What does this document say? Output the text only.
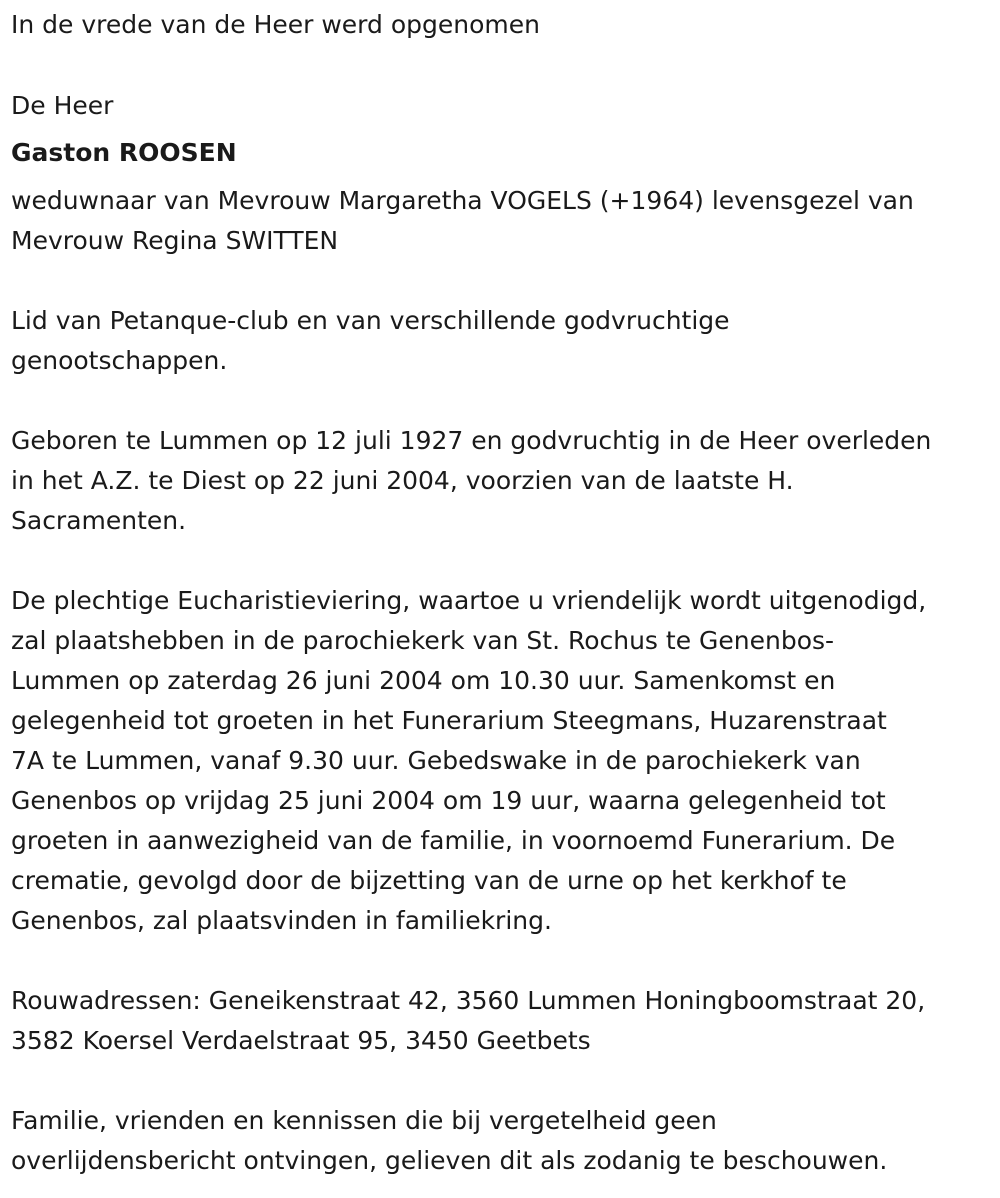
In de vrede van de Heer werd opgenomen
De Heer
Gaston ROOSEN
weduwnaar van Mevrouw Margaretha VOGELS (+1964) levensgezel van
Mevrouw Regina SWITTEN
Lid van Petanque-club en van verschillende godvruchtige
genootschappen.
Geboren te Lummen op 12 juli 1927 en godvruchtig in de Heer overleden
in het A.Z. te Diest op 22 juni 2004, voorzien van de laatste H.
Sacramenten.
De plechtige Eucharistieviering, waartoe u vriendelijk wordt uitgenodigd,
zal plaatshebben in de parochiekerk van St. Rochus te Genenbos-
Lummen op zaterdag 26 juni 2004 om 10.30 uur. Samenkomst en
gelegenheid tot groeten in het Funerarium Steegmans, Huzarenstraat
7A te Lummen, vanaf 9.30 uur. Gebedswake in de parochiekerk van
Genenbos op vrijdag 25 juni 2004 om 19 uur, waarna gelegenheid tot
groeten in aanwezigheid van de familie, in voornoemd Funerarium. De
crematie, gevolgd door de bijzetting van de urne op het kerkhof te
Genenbos, zal plaatsvinden in familiekring.
Rouwadressen: Geneikenstraat 42, 3560 Lummen Honingboomstraat 20,
3582 Koersel Verdaelstraat 95, 3450 Geetbets
Familie, vrienden en kennissen die bij vergetelheid geen
overlijdensbericht ontvingen, gelieven dit als zodanig te beschouwen.
